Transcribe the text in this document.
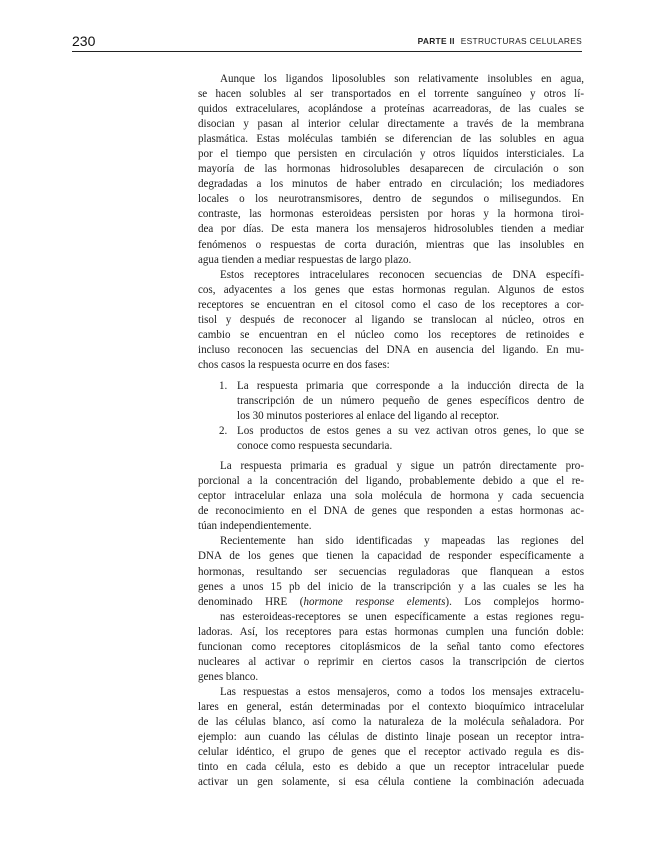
230	PARTE II ESTRUCTURAS CELULARES
Aunque los ligandos liposolubles son relativamente insolubles en agua,
se hacen solubles al ser transportados en el torrente sanguíneo y otros lí-
quidos extracelulares, acoplándose a proteínas acarreadoras, de las cuales se
disocian y pasan al interior celular directamente a través de la membrana
plasmática. Estas moléculas también se diferencian de las solubles en agua
por el tiempo que persisten en circulación y otros líquidos intersticiales. La
mayoría de las hormonas hidrosolubles desaparecen de circulación o son
degradadas a los minutos de haber entrado en circulación; los mediadores
locales o los neurotransmisores, dentro de segundos o milisegundos. En
contraste, las hormonas esteroideas persisten por horas y la hormona tiroi-
dea por días. De esta manera los mensajeros hidrosolubles tienden a mediar
fenómenos o respuestas de corta duración, mientras que las insolubles en
agua tienden a mediar respuestas de largo plazo.
Estos receptores intracelulares reconocen secuencias de DNA específi-
cos, adyacentes a los genes que estas hormonas regulan. Algunos de estos
receptores se encuentran en el citosol como el caso de los receptores a cor-
tisol y después de reconocer al ligando se translocan al núcleo, otros en
cambio se encuentran en el núcleo como los receptores de retinoides e
incluso reconocen las secuencias del DNA en ausencia del ligando. En mu-
chos casos la respuesta ocurre en dos fases:
1. La respuesta primaria que corresponde a la inducción directa de la
transcripción de un número pequeño de genes específicos dentro de
los 30 minutos posteriores al enlace del ligando al receptor.
2. Los productos de estos genes a su vez activan otros genes, lo que se
conoce como respuesta secundaria.
La respuesta primaria es gradual y sigue un patrón directamente pro-
porcional a la concentración del ligando, probablemente debido a que el re-
ceptor intracelular enlaza una sola molécula de hormona y cada secuencia
de reconocimiento en el DNA de genes que responden a estas hormonas ac-
túan independientemente.
Recientemente han sido identificadas y mapeadas las regiones del
DNA de los genes que tienen la capacidad de responder específicamente a
hormonas, resultando ser secuencias reguladoras que flanquean a estos
genes a unos 15 pb del inicio de la transcripción y a las cuales se les ha
denominado HRE (hormone response elements). Los complejos hormo-
nas esteroideas-receptores se unen específicamente a estas regiones regu-
ladoras. Así, los receptores para estas hormonas cumplen una función doble:
funcionan como receptores citoplásmicos de la señal tanto como efectores
nucleares al activar o reprimir en ciertos casos la transcripción de ciertos
genes blanco.
Las respuestas a estos mensajeros, como a todos los mensajes extracelu-
lares en general, están determinadas por el contexto bioquímico intracelular
de las células blanco, así como la naturaleza de la molécula señaladora. Por
ejemplo: aun cuando las células de distinto linaje posean un receptor intra-
celular idéntico, el grupo de genes que el receptor activado regula es dis-
tinto en cada célula, esto es debido a que un receptor intracelular puede
activar un gen solamente, si esa célula contiene la combinación adecuada
